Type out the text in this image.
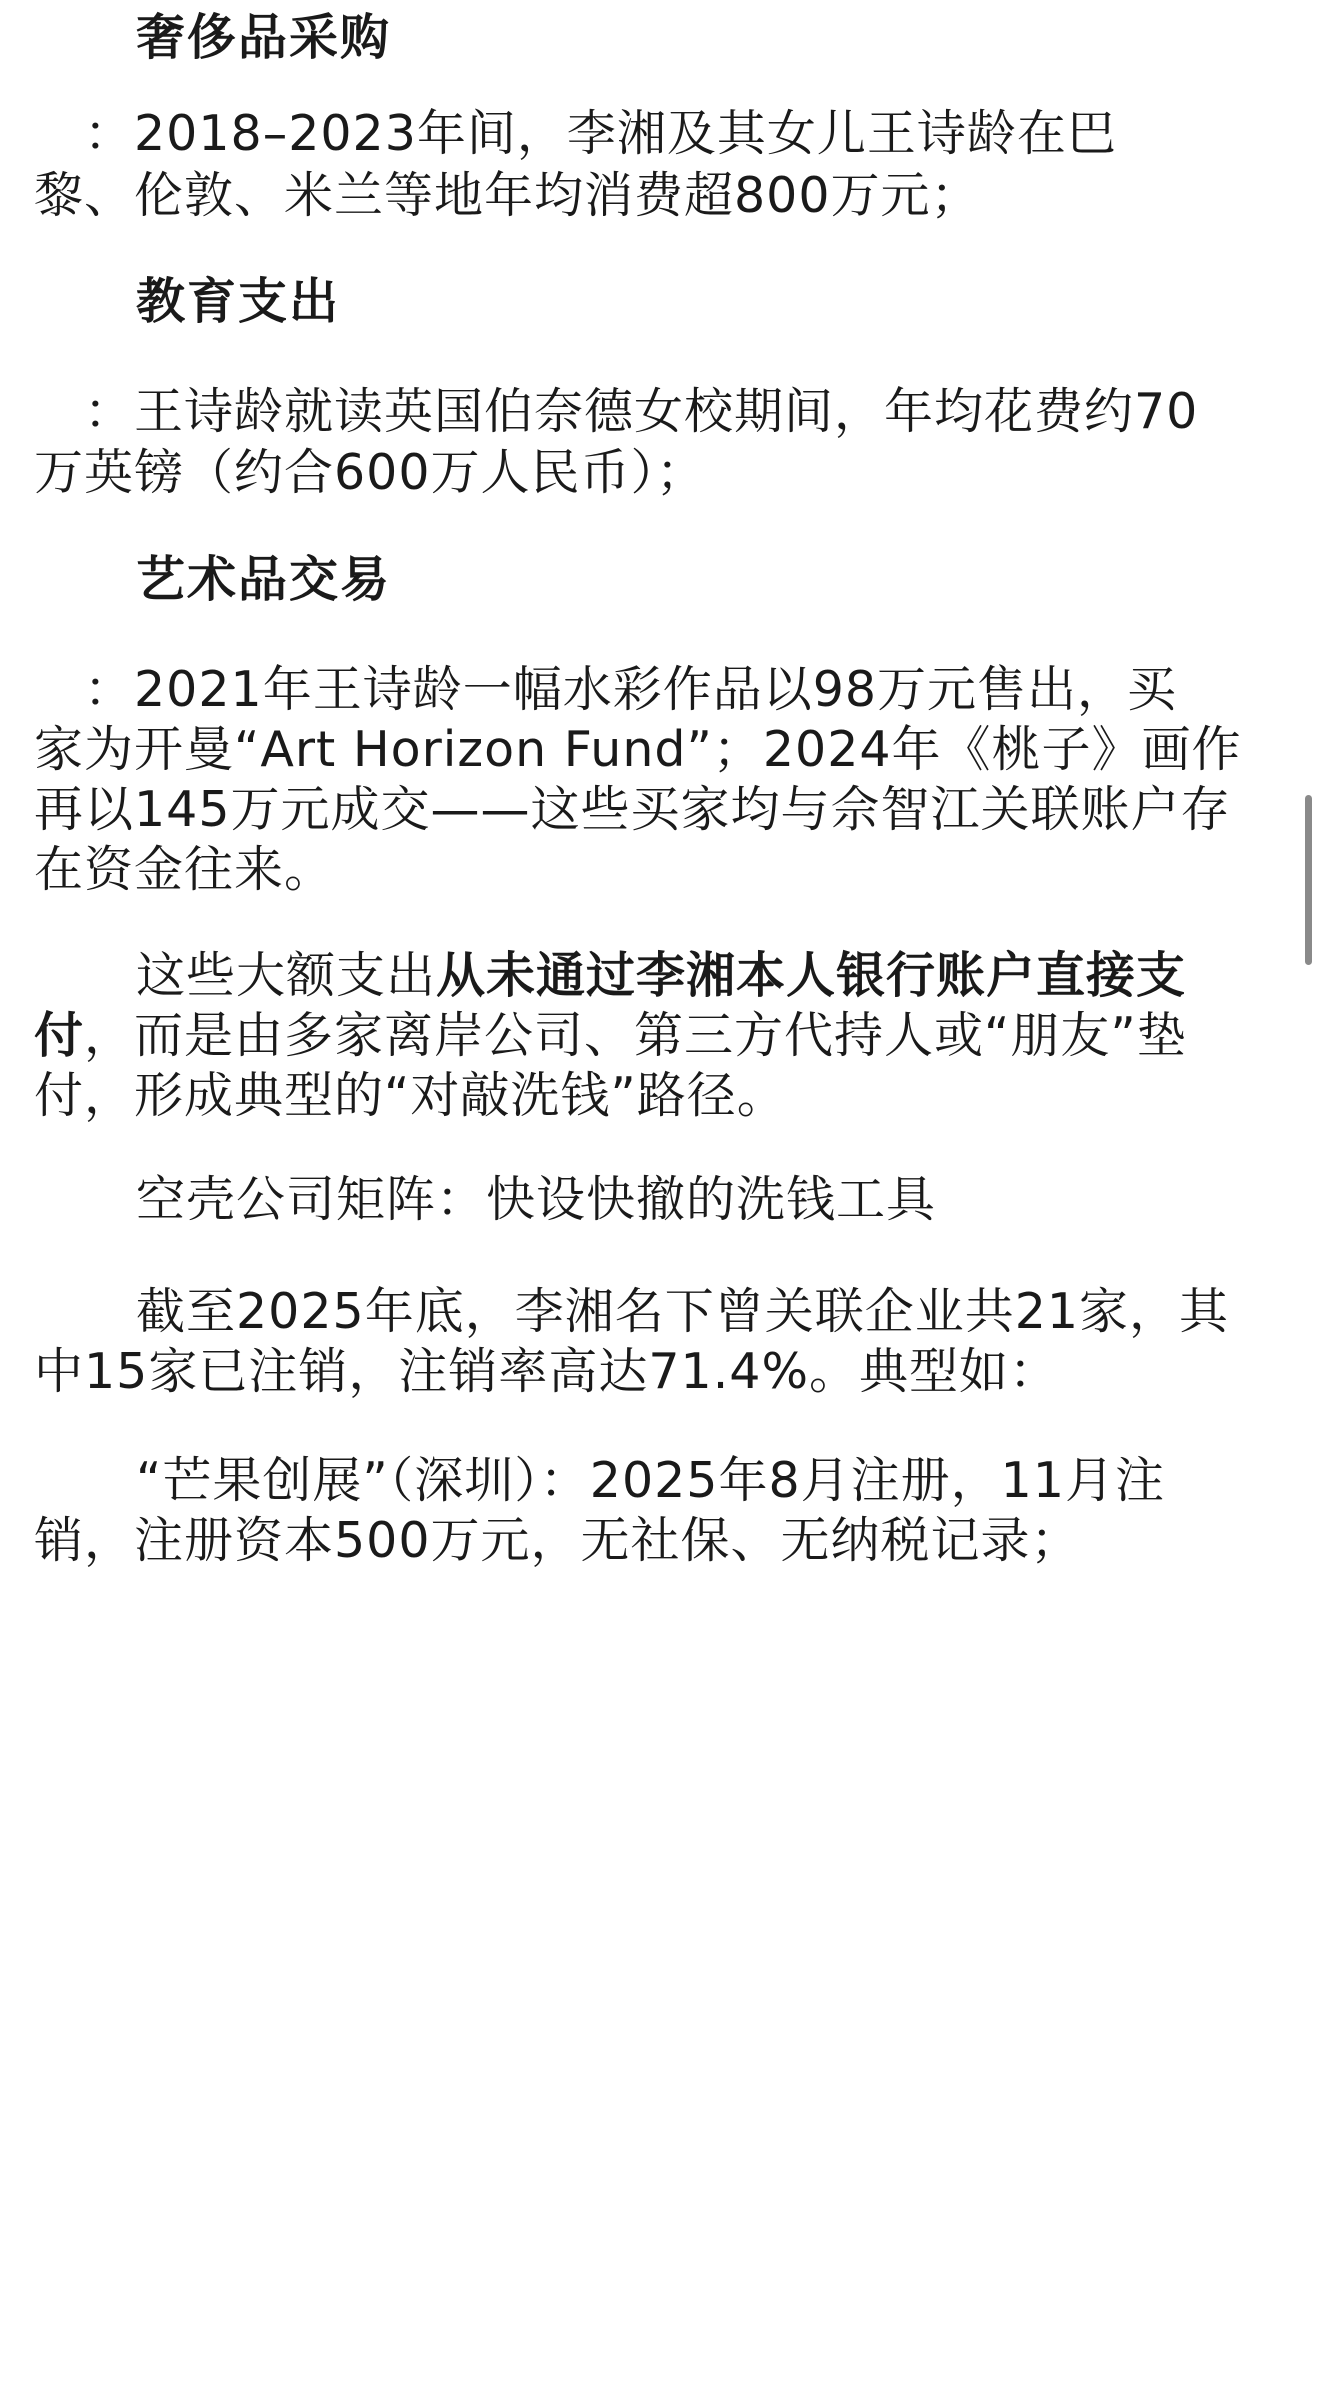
奢侈品采购
：2018–2023年间，李湘及其女儿王诗龄在巴
黎、伦敦、米兰等地年均消费超800万元；
教育支出
：王诗龄就读英国伯奈德女校期间，年均花费约70
万英镑（约合600万人民币）；
艺术品交易
：2021年王诗龄一幅水彩作品以98万元售出，买
家为开曼“Art Horizon Fund”；2024年《桃子》画作
再以145万元成交——这些买家均与佘智江关联账户存
在资金往来。
这些大额支出从未通过李湘本人银行账户直接支
付，而是由多家离岸公司、第三方代持人或“朋友”垫
付，形成典型的“对敲洗钱”路径。
空壳公司矩阵：快设快撤的洗钱工具
截至2025年底，李湘名下曾关联企业共21家，其
中15家已注销，注销率高达71.4%。典型如：
“芒果创展”（深圳）：2025年8月注册，11月注
销，注册资本500万元，无社保、无纳税记录；
